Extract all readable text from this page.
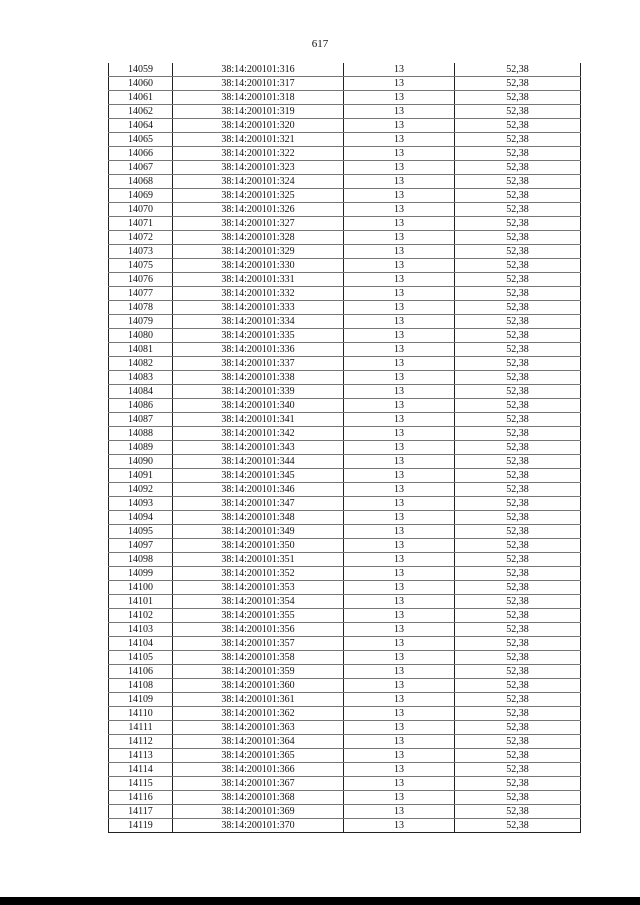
617
14059	38:14:200101:316	13	52,38
14060	38:14:200101:317	13	52,38
14061	38:14:200101:318	13	52,38
14062	38:14:200101:319	13	52,38
14064	38:14:200101:320	13	52,38
14065	38:14:200101:321	13	52,38
14066	38:14:200101:322	13	52,38
14067	38:14:200101:323	13	52,38
14068	38:14:200101:324	13	52,38
14069	38:14:200101:325	13	52,38
14070	38:14:200101:326	13	52,38
14071	38:14:200101:327	13	52,38
14072	38:14:200101:328	13	52,38
14073	38:14:200101:329	13	52,38
14075	38:14:200101:330	13	52,38
14076	38:14:200101:331	13	52,38
14077	38:14:200101:332	13	52,38
14078	38:14:200101:333	13	52,38
14079	38:14:200101:334	13	52,38
14080	38:14:200101:335	13	52,38
14081	38:14:200101:336	13	52,38
14082	38:14:200101:337	13	52,38
14083	38:14:200101:338	13	52,38
14084	38:14:200101:339	13	52,38
14086	38:14:200101:340	13	52,38
14087	38:14:200101:341	13	52,38
14088	38:14:200101:342	13	52,38
14089	38:14:200101:343	13	52,38
14090	38:14:200101:344	13	52,38
14091	38:14:200101:345	13	52,38
14092	38:14:200101:346	13	52,38
14093	38:14:200101:347	13	52,38
14094	38:14:200101:348	13	52,38
14095	38:14:200101:349	13	52,38
14097	38:14:200101:350	13	52,38
14098	38:14:200101:351	13	52,38
14099	38:14:200101:352	13	52,38
14100	38:14:200101:353	13	52,38
14101	38:14:200101:354	13	52,38
14102	38:14:200101:355	13	52,38
14103	38:14:200101:356	13	52,38
14104	38:14:200101:357	13	52,38
14105	38:14:200101:358	13	52,38
14106	38:14:200101:359	13	52,38
14108	38:14:200101:360	13	52,38
14109	38:14:200101:361	13	52,38
14110	38:14:200101:362	13	52,38
14111	38:14:200101:363	13	52,38
14112	38:14:200101:364	13	52,38
14113	38:14:200101:365	13	52,38
14114	38:14:200101:366	13	52,38
14115	38:14:200101:367	13	52,38
14116	38:14:200101:368	13	52,38
14117	38:14:200101:369	13	52,38
14119	38:14:200101:370	13	52,38
